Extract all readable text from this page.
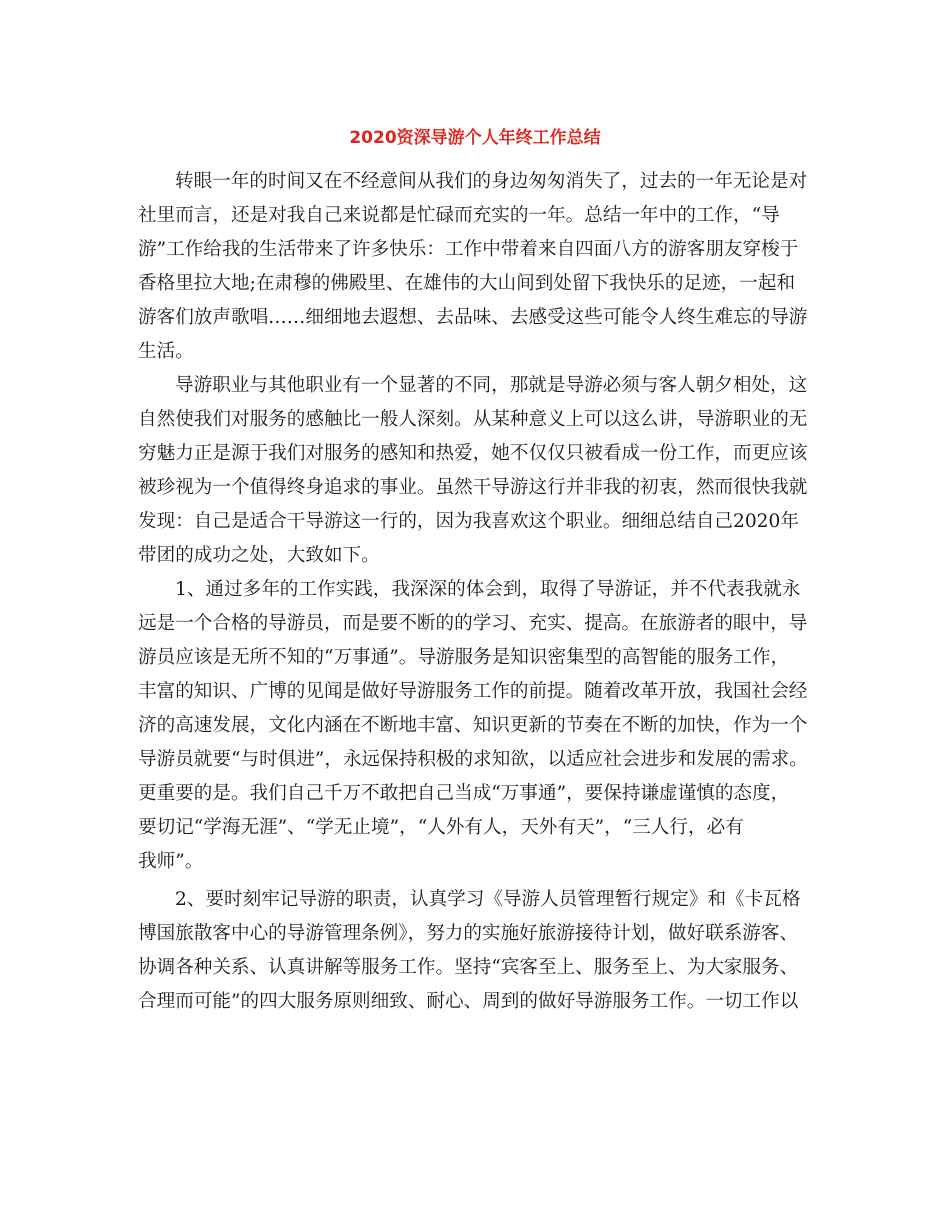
2020资深导游个人年终工作总结
转眼一年的时间又在不经意间从我们的身边匆匆消失了，过去的一年无论是对
社里而言，还是对我自己来说都是忙碌而充实的一年。总结一年中的工作，“导
游”工作给我的生活带来了许多快乐：工作中带着来自四面八方的游客朋友穿梭于
香格里拉大地;在肃穆的佛殿里、在雄伟的大山间到处留下我快乐的足迹，一起和
游客们放声歌唱……细细地去遐想、去品味、去感受这些可能令人终生难忘的导游
生活。
导游职业与其他职业有一个显著的不同，那就是导游必须与客人朝夕相处，这
自然使我们对服务的感触比一般人深刻。从某种意义上可以这么讲，导游职业的无
穷魅力正是源于我们对服务的感知和热爱，她不仅仅只被看成一份工作，而更应该
被珍视为一个值得终身追求的事业。虽然干导游这行并非我的初衷，然而很快我就
发现：自己是适合干导游这一行的，因为我喜欢这个职业。细细总结自己2020年
带团的成功之处，大致如下。
1、通过多年的工作实践，我深深的体会到，取得了导游证，并不代表我就永
远是一个合格的导游员，而是要不断的的学习、充实、提高。在旅游者的眼中，导
游员应该是无所不知的“万事通”。导游服务是知识密集型的高智能的服务工作，
丰富的知识、广博的见闻是做好导游服务工作的前提。随着改革开放，我国社会经
济的高速发展，文化内涵在不断地丰富、知识更新的节奏在不断的加快，作为一个
导游员就要“与时俱进”，永远保持积极的求知欲，以适应社会进步和发展的需求。
更重要的是。我们自己千万不敢把自己当成“万事通”，要保持谦虚谨慎的态度，
要切记“学海无涯”、“学无止境”，“人外有人，天外有天”，“三人行，必有
我师”。
2、要时刻牢记导游的职责，认真学习《导游人员管理暂行规定》和《卡瓦格
博国旅散客中心的导游管理条例》，努力的实施好旅游接待计划，做好联系游客、
协调各种关系、认真讲解等服务工作。坚持“宾客至上、服务至上、为大家服务、
合理而可能”的四大服务原则细致、耐心、周到的做好导游服务工作。一切工作以
